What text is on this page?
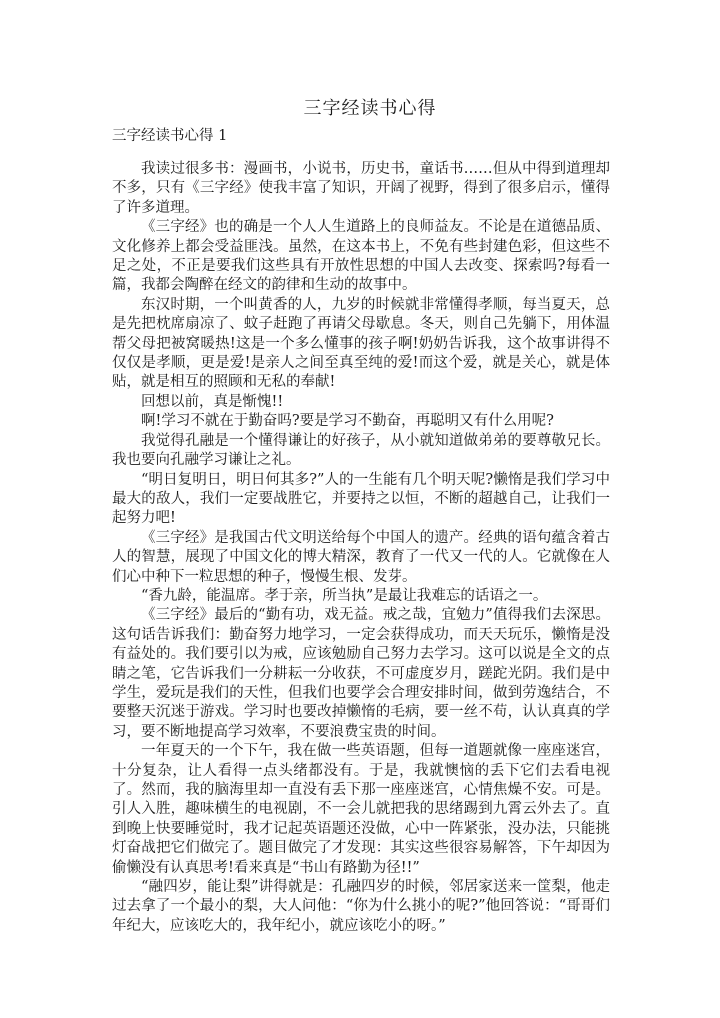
三字经读书心得

三字经读书心得 1

我读过很多书：漫画书，小说书，历史书，童话书……但从中得到道理却不多，只有《三字经》使我丰富了知识，开阔了视野，得到了很多启示，懂得了许多道理。

《三字经》也的确是一个人人生道路上的良师益友。不论是在道德品质、文化修养上都会受益匪浅。虽然，在这本书上，不免有些封建色彩，但这些不足之处，不正是要我们这些具有开放性思想的中国人去改变、探索吗?每看一篇，我都会陶醉在经文的韵律和生动的故事中。

东汉时期，一个叫黄香的人，九岁的时候就非常懂得孝顺，每当夏天，总是先把枕席扇凉了、蚊子赶跑了再请父母歇息。冬天，则自己先躺下，用体温帮父母把被窝暖热!这是一个多么懂事的孩子啊!奶奶告诉我，这个故事讲得不仅仅是孝顺，更是爱!是亲人之间至真至纯的爱!而这个爱，就是关心，就是体贴，就是相互的照顾和无私的奉献!

回想以前，真是惭愧!!

啊!学习不就在于勤奋吗?要是学习不勤奋，再聪明又有什么用呢?

我觉得孔融是一个懂得谦让的好孩子，从小就知道做弟弟的要尊敬兄长。我也要向孔融学习谦让之礼。

“明日复明日，明日何其多?”人的一生能有几个明天呢?懒惰是我们学习中最大的敌人，我们一定要战胜它，并要持之以恒，不断的超越自己，让我们一起努力吧!

《三字经》是我国古代文明送给每个中国人的遗产。经典的语句蕴含着古人的智慧，展现了中国文化的博大精深，教育了一代又一代的人。它就像在人们心中种下一粒思想的种子，慢慢生根、发芽。

“香九龄，能温席。孝于亲，所当执”是最让我难忘的话语之一。

《三字经》最后的“勤有功，戏无益。戒之哉，宜勉力”值得我们去深思。这句话告诉我们：勤奋努力地学习，一定会获得成功，而天天玩乐，懒惰是没有益处的。我们要引以为戒，应该勉励自己努力去学习。这可以说是全文的点睛之笔，它告诉我们一分耕耘一分收获，不可虚度岁月，蹉跎光阴。我们是中学生，爱玩是我们的天性，但我们也要学会合理安排时间，做到劳逸结合，不要整天沉迷于游戏。学习时也要改掉懒惰的毛病，要一丝不苟，认认真真的学习，要不断地提高学习效率，不要浪费宝贵的时间。

一年夏天的一个下午，我在做一些英语题，但每一道题就像一座座迷宫，十分复杂，让人看得一点头绪都没有。于是，我就懊恼的丢下它们去看电视了。然而，我的脑海里却一直没有丢下那一座座迷宫，心情焦燥不安。可是。引人入胜，趣味横生的电视剧，不一会儿就把我的思绪踢到九霄云外去了。直到晚上快要睡觉时，我才记起英语题还没做，心中一阵紧张，没办法，只能挑灯奋战把它们做完了。题目做完了才发现：其实这些很容易解答，下午却因为偷懒没有认真思考!看来真是“书山有路勤为径!!”

“融四岁，能让梨”讲得就是：孔融四岁的时候，邻居家送来一筐梨，他走过去拿了一个最小的梨，大人问他：“你为什么挑小的呢?”他回答说：“哥哥们年纪大，应该吃大的，我年纪小，就应该吃小的呀。”
